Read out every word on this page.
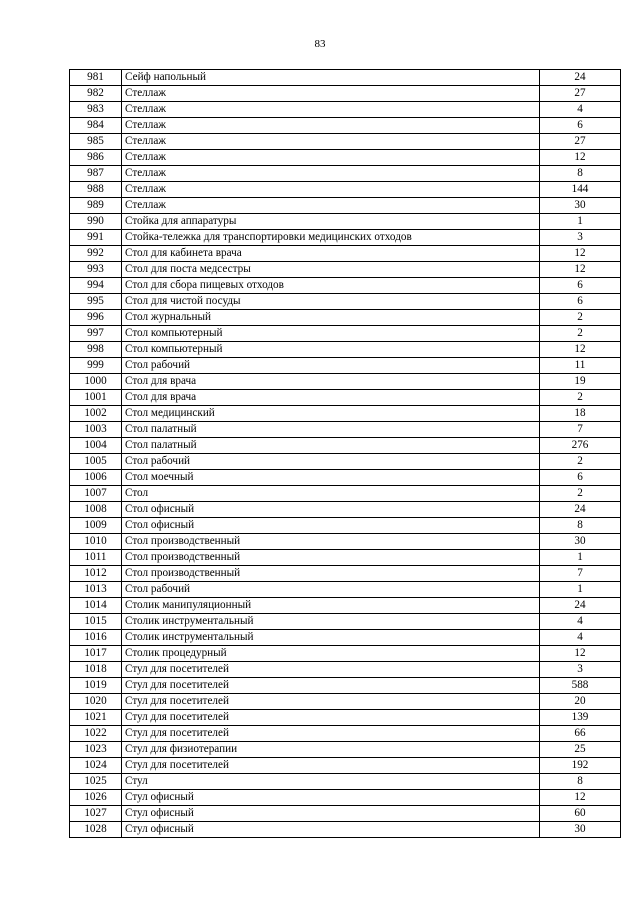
83
981	Сейф напольный	24
982	Стеллаж	27
983	Стеллаж	4
984	Стеллаж	6
985	Стеллаж	27
986	Стеллаж	12
987	Стеллаж	8
988	Стеллаж	144
989	Стеллаж	30
990	Стойка для аппаратуры	1
991	Стойка-тележка для транспортировки медицинских отходов	3
992	Стол для кабинета врача	12
993	Стол для поста медсестры	12
994	Стол для сбора пищевых отходов	6
995	Стол для чистой посуды	6
996	Стол журнальный	2
997	Стол компьютерный	2
998	Стол компьютерный	12
999	Стол рабочий	11
1000	Стол для врача	19
1001	Стол для врача	2
1002	Стол медицинский	18
1003	Стол палатный	7
1004	Стол палатный	276
1005	Стол рабочий	2
1006	Стол моечный	6
1007	Стол	2
1008	Стол офисный	24
1009	Стол офисный	8
1010	Стол производственный	30
1011	Стол производственный	1
1012	Стол производственный	7
1013	Стол рабочий	1
1014	Столик манипуляционный	24
1015	Столик инструментальный	4
1016	Столик инструментальный	4
1017	Столик процедурный	12
1018	Стул для посетителей	3
1019	Стул для посетителей	588
1020	Стул для посетителей	20
1021	Стул для посетителей	139
1022	Стул для посетителей	66
1023	Стул для физиотерапии	25
1024	Стул для посетителей	192
1025	Стул	8
1026	Стул офисный	12
1027	Стул офисный	60
1028	Стул офисный	30
